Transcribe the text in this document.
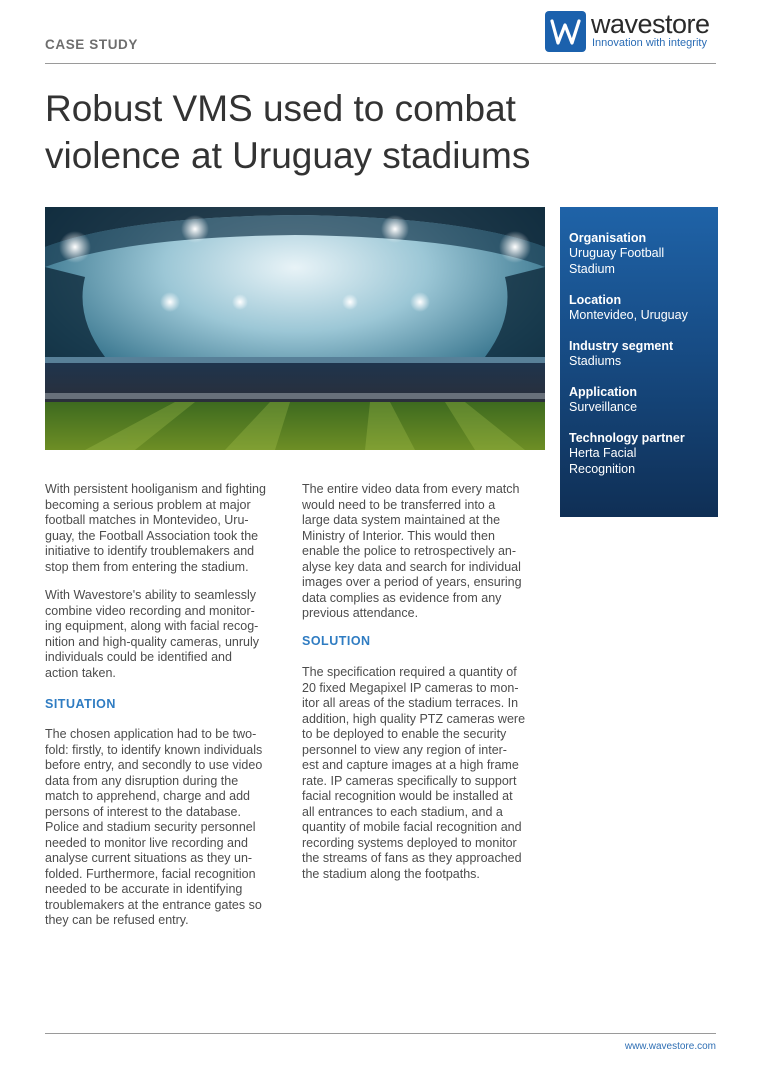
CASE STUDY
wavestore
Innovation with integrity
Robust VMS used to combat
violence at Uruguay stadiums
Organisation
Uruguay Football
Stadium
Location
Montevideo, Uruguay
Industry segment
Stadiums
Application
Surveillance
Technology partner
Herta Facial
Recognition

With persistent hooliganism and fighting

becoming a serious problem at major

football matches in Montevideo, Uru-

guay, the Football Association took the

initiative to identify troublemakers and

stop them from entering the stadium.

With Wavestore's ability to seamlessly

combine video recording and monitor-

ing equipment, along with facial recog-

nition and high-quality cameras, unruly

individuals could be identified and

action taken.

SITUATION

The chosen application had to be two-

fold: firstly, to identify known individuals

before entry, and secondly to use video

data from any disruption during the

match to apprehend, charge and add

persons of interest to the database.

Police and stadium security personnel

needed to monitor live recording and

analyse current situations as they un-

folded. Furthermore, facial recognition

needed to be accurate in identifying

troublemakers at the entrance gates so

they can be refused entry.

The entire video data from every match

would need to be transferred into a

large data system maintained at the

Ministry of Interior. This would then

enable the police to retrospectively an-

alyse key data and search for individual

images over a period of years, ensuring

data complies as evidence from any

previous attendance.

SOLUTION

The specification required a quantity of

20 fixed Megapixel IP cameras to mon-

itor all areas of the stadium terraces. In

addition, high quality PTZ cameras were

to be deployed to enable the security

personnel to view any region of inter-

est and capture images at a high frame

rate. IP cameras specifically to support

facial recognition would be installed at

all entrances to each stadium, and a

quantity of mobile facial recognition and

recording systems deployed to monitor

the streams of fans as they approached

the stadium along the footpaths.

www.wavestore.com
